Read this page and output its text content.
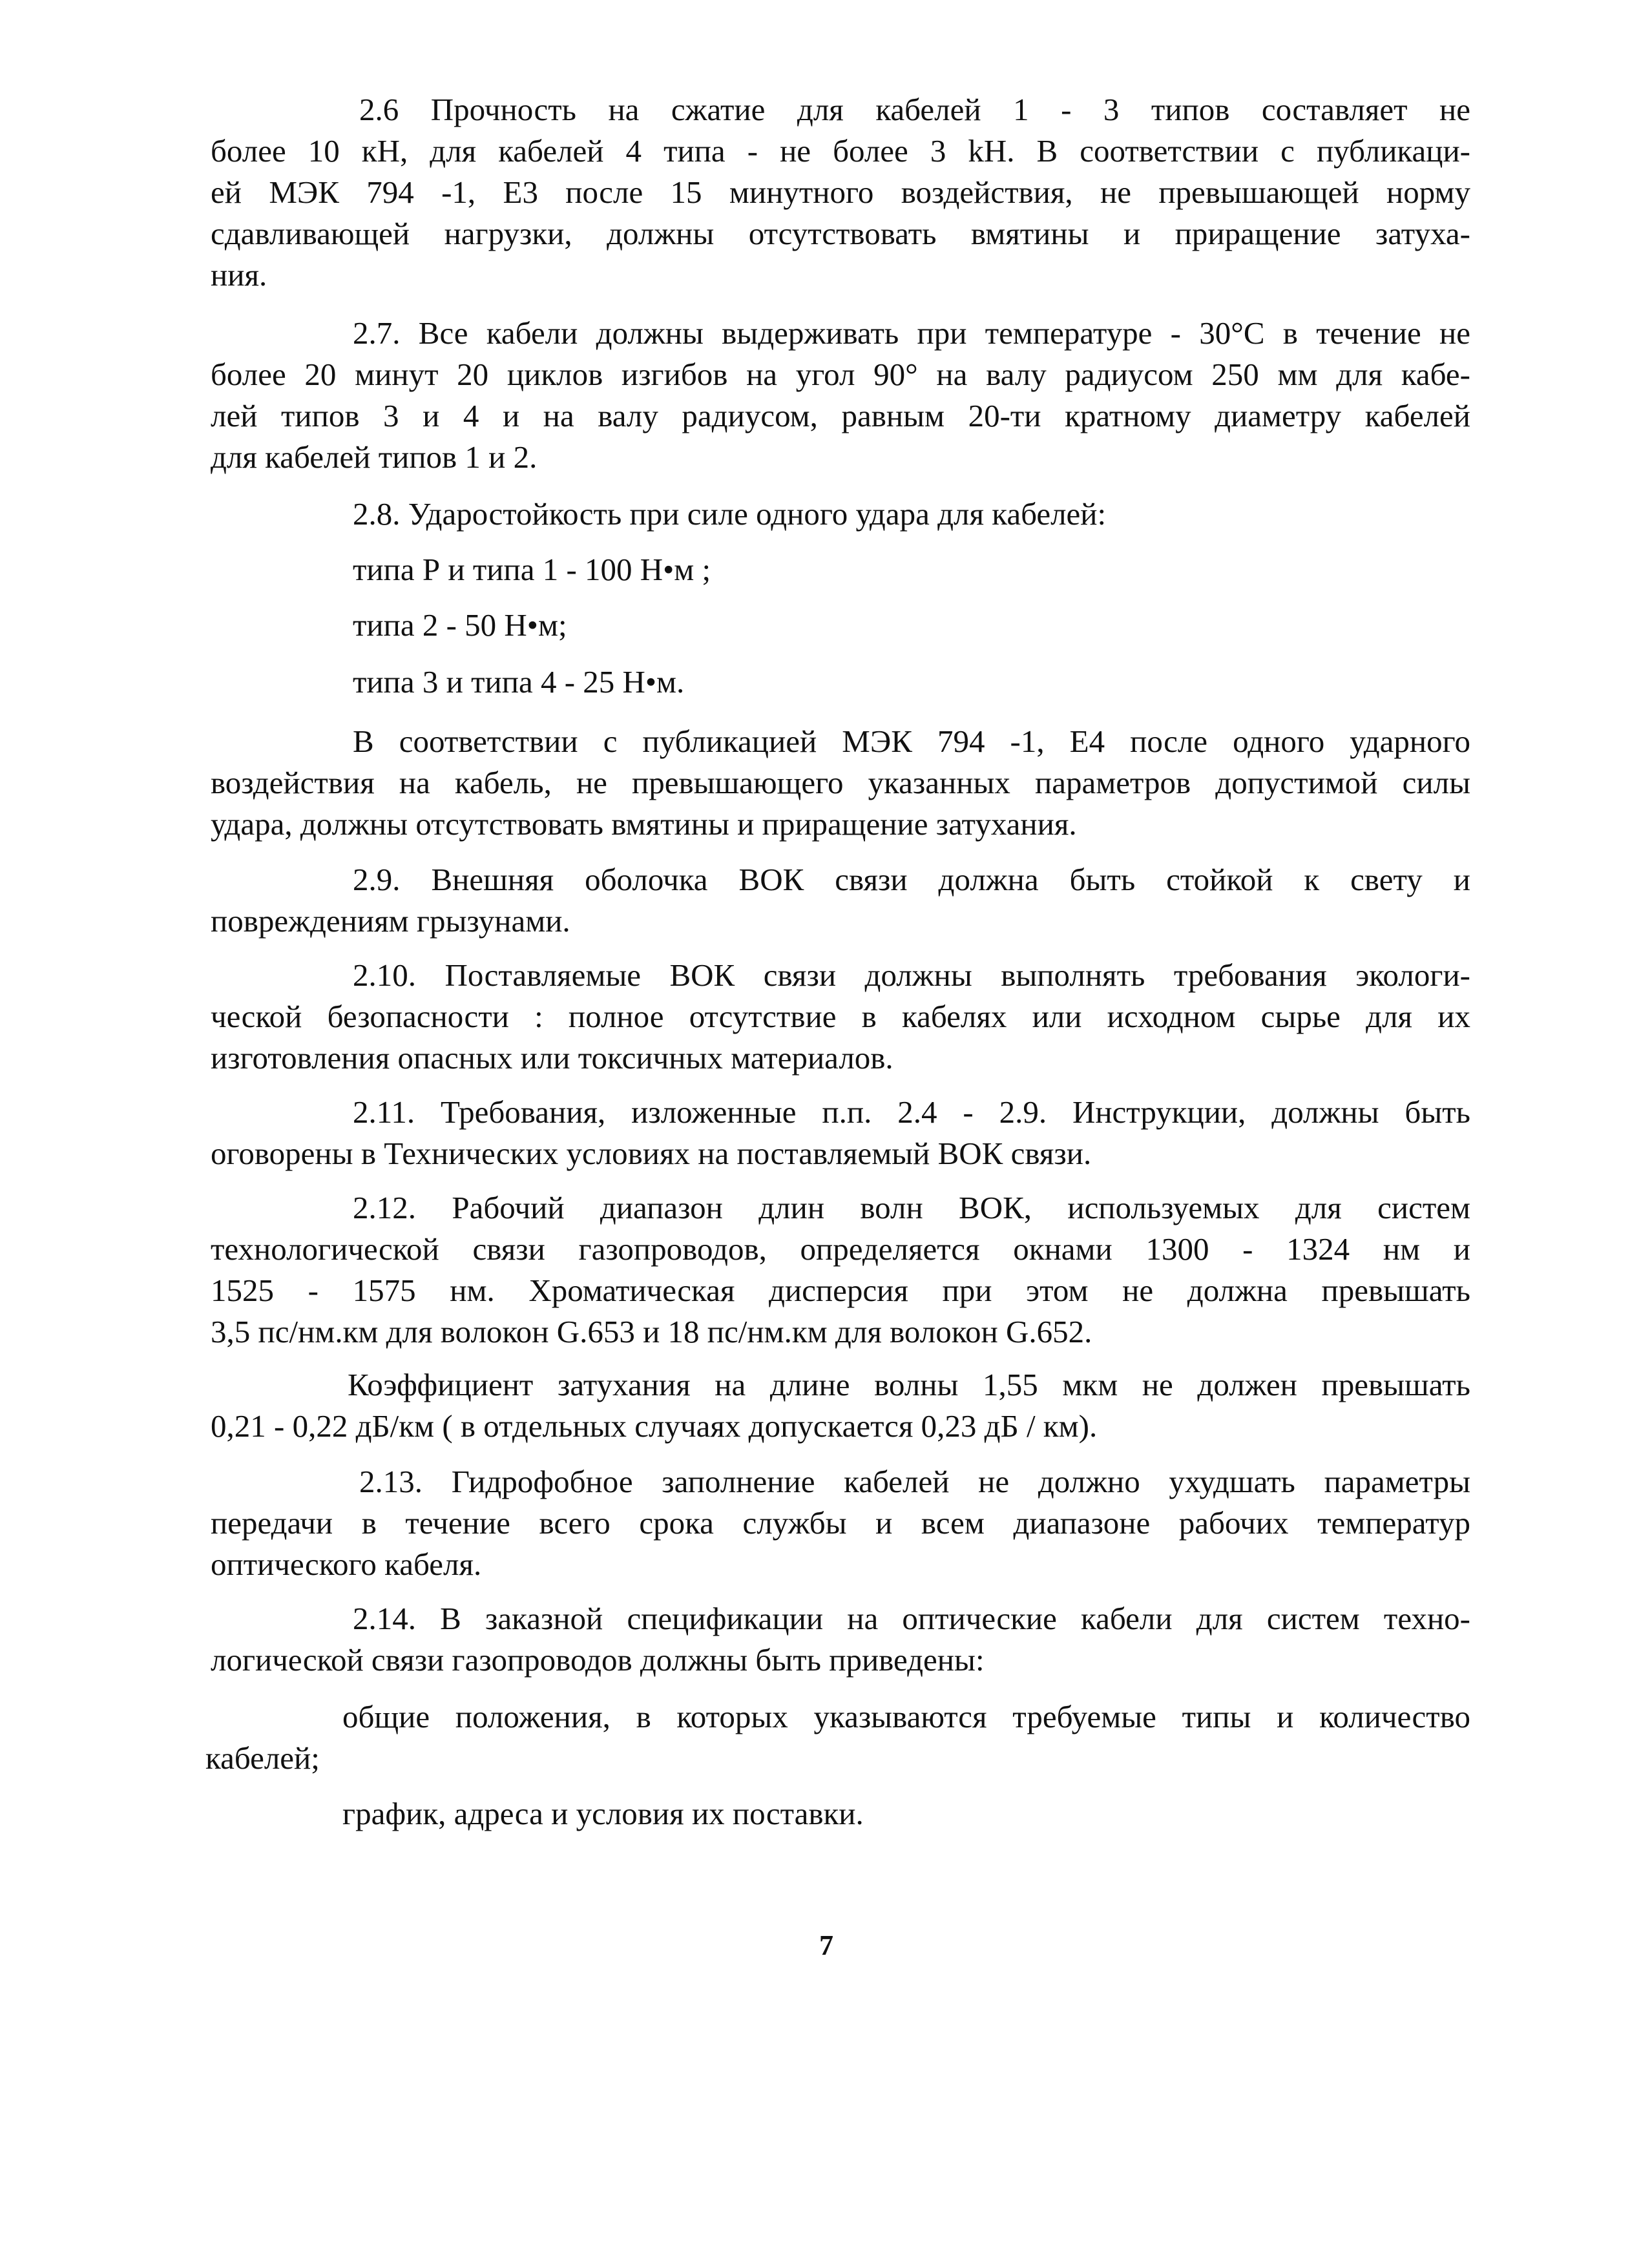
2.6 Прочность на сжатие для кабелей 1 - 3 типов составляет не
более 10 кН, для кабелей 4 типа - не более 3 kH. В соответствии с публикаци-
ей МЭК 794 -1, Е3 после 15 минутного воздействия, не превышающей норму
сдавливающей нагрузки, должны отсутствовать вмятины и приращение затуха-
ния.
2.7. Все кабели должны выдерживать при температуре - 30°С в течение не
более 20 минут 20 циклов изгибов на угол 90° на валу радиусом 250 мм для кабе-
лей типов 3 и 4 и на валу радиусом, равным 20-ти кратному диаметру кабелей
для кабелей типов 1 и 2.

2.8. Ударостойкость при силе одного удара для кабелей:

типа Р и типа 1 - 100 Н•м ;

типа 2 - 50 Н•м;

типа 3 и типа 4 - 25 Н•м.

В соответствии с публикацией МЭК 794 -1, Е4 после одного ударного
воздействия на кабель, не превышающего указанных параметров допустимой силы
удара, должны отсутствовать вмятины и приращение затухания.
2.9. Внешняя оболочка ВОК связи должна быть стойкой к свету и
повреждениям грызунами.
2.10. Поставляемые ВОК связи должны выполнять требования экологи-
ческой безопасности : полное отсутствие в кабелях или исходном сырье для их
изготовления опасных или токсичных материалов.
2.11. Требования, изложенные п.п. 2.4 - 2.9. Инструкции, должны быть
оговорены в Технических условиях на поставляемый ВОК связи.
2.12. Рабочий диапазон длин волн ВОК, используемых для систем
технологической связи газопроводов, определяется окнами 1300 - 1324 нм и
1525 - 1575 нм. Хроматическая дисперсия при этом не должна превышать
3,5 пс/нм.км для волокон G.653 и 18 пс/нм.км для волокон G.652.
Коэффициент затухания на длине волны 1,55 мкм не должен превышать
0,21 - 0,22 дБ/км ( в отдельных случаях допускается 0,23 дБ / км).
2.13. Гидрофобное заполнение кабелей не должно ухудшать параметры
передачи в течение всего срока службы и всем диапазоне рабочих температур
оптического кабеля.
2.14. В заказной спецификации на оптические кабели для систем техно-
логической связи газопроводов должны быть приведены:
общие положения, в которых указываются требуемые типы и количество
кабелей;

график, адреса и условия их поставки.

7
